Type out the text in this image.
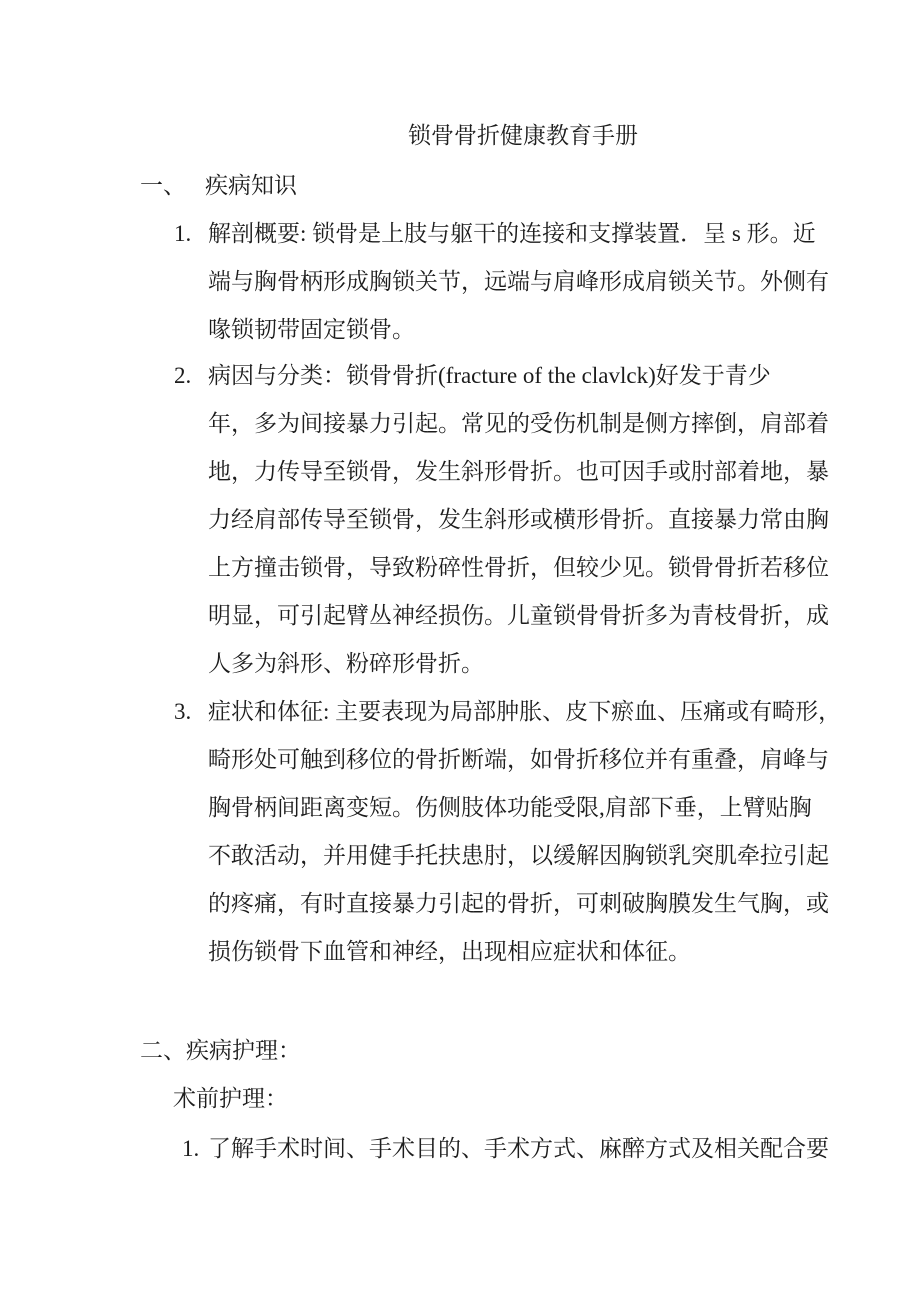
锁骨骨折健康教育手册
一、 疾病知识
1. 解剖概要: 锁骨是上肢与躯干的连接和支撑装置．呈 s 形。近
端与胸骨柄形成胸锁关节，远端与肩峰形成肩锁关节。外侧有
喙锁韧带固定锁骨。
2. 病因与分类：锁骨骨折(fracture of the clavlck)好发于青少
年，多为间接暴力引起。常见的受伤机制是侧方摔倒，肩部着
地，力传导至锁骨，发生斜形骨折。也可因手或肘部着地，暴
力经肩部传导至锁骨，发生斜形或横形骨折。直接暴力常由胸
上方撞击锁骨，导致粉碎性骨折，但较少见。锁骨骨折若移位
明显，可引起臂丛神经损伤。儿童锁骨骨折多为青枝骨折，成
人多为斜形、粉碎形骨折。
3. 症状和体征: 主要表现为局部肿胀、皮下瘀血、压痛或有畸形，
畸形处可触到移位的骨折断端，如骨折移位并有重叠，肩峰与
胸骨柄间距离变短。伤侧肢体功能受限,肩部下垂，上臂贴胸
不敢活动，并用健手托扶患肘，以缓解因胸锁乳突肌牵拉引起
的疼痛，有时直接暴力引起的骨折，可刺破胸膜发生气胸，或
损伤锁骨下血管和神经，出现相应症状和体征。
二、疾病护理：
术前护理：
1. 了解手术时间、手术目的、手术方式、麻醉方式及相关配合要
